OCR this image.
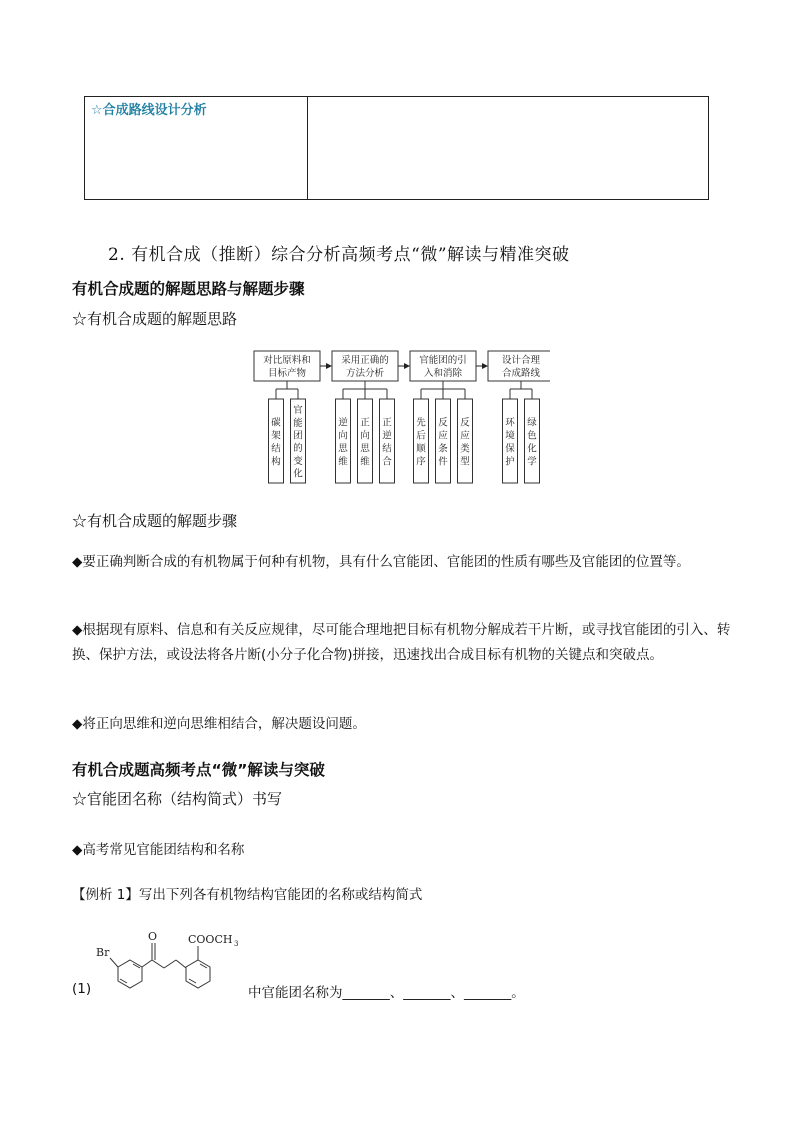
☆合成路线设计分析
2. 有机合成（推断）综合分析高频考点“微”解读与精准突破
有机合成题的解题思路与解题步骤
☆有机合成题的解题思路
对比原料和
目标产物
碳
架
结
构
官
能
团
的
变
化
采用正确的
方法分析
逆
向
思
维
正
向
思
维
正
逆
结
合
官能团的引
入和消除
先
后
顺
序
反
应
条
件
反
应
类
型
设计合理
合成路线
环
境
保
护
绿
色
化
学
☆有机合成题的解题步骤
◆要正确判断合成的有机物属于何种有机物，具有什么官能团、官能团的性质有哪些及官能团的位置等。
◆根据现有原料、信息和有关反应规律，尽可能合理地把目标有机物分解成若干片断，或寻找官能团的引入、转换、保护方法，或设法将各片断(小分子化合物)拼接，迅速找出合成目标有机物的关键点和突破点。
◆将正向思维和逆向思维相结合，解决题设问题。
有机合成题高频考点“微”解读与突破
☆官能团名称（结构简式）书写
◆高考常见官能团结构和名称
【例析 1】写出下列各有机物结构官能团的名称或结构简式
Br
O	COOCH 3
(1)	中官能团名称为_______、_______、_______。
